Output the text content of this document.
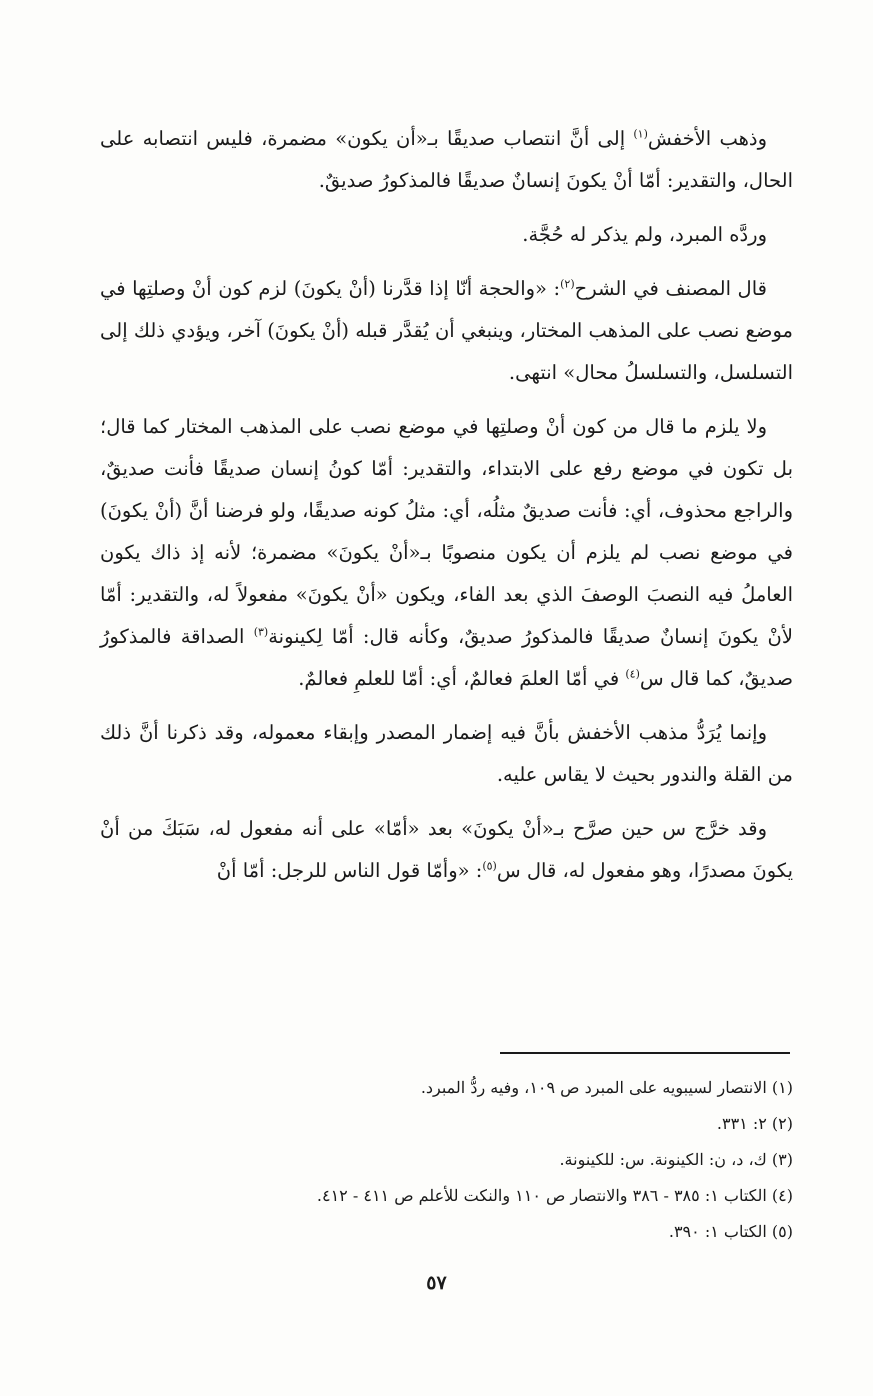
وذهب الأخفش$^{(١)}$ إلى أنَّ انتصاب صديقًا بـ«أن يكون» مضمرة، فليس انتصابه على الحال، والتقدير: أمّا أنْ يكونَ إنسانٌ صديقًا فالمذكورُ صديقٌ.

وردَّه المبرد، ولم يذكر له حُجَّة.

قال المصنف في الشرح$^{(٢)}$: «والحجة أنّا إذا قدَّرنا (أنْ يكونَ) لزم كون أنْ وصلتِها في موضع نصب على المذهب المختار، وينبغي أن يُقدَّر قبله (أنْ يكونَ) آخر، ويؤدي ذلك إلى التسلسل، والتسلسلُ محال» انتهى.

ولا يلزم ما قال من كون أنْ وصلتِها في موضع نصب على المذهب المختار كما قال؛ بل تكون في موضع رفع على الابتداء، والتقدير: أمّا كونُ إنسان صديقًا فأنت صديقٌ، والراجع محذوف، أي: فأنت صديقٌ مثلُه، أي: مثلُ كونه صديقًا، ولو فرضنا أنَّ (أنْ يكونَ) في موضع نصب لم يلزم أن يكون منصوبًا بـ«أنْ يكونَ» مضمرة؛ لأنه إذ ذاك يكون العاملُ فيه النصبَ الوصفَ الذي بعد الفاء، ويكون «أنْ يكونَ» مفعولاً له، والتقدير: أمّا لأنْ يكونَ إنسانٌ صديقًا فالمذكورُ صديقٌ، وكأنه قال: أمّا لِكينونة$^{(٣)}$ الصداقة فالمذكورُ صديقٌ، كما قال س$^{(٤)}$ في أمّا العلمَ فعالمٌ، أي: أمّا للعلمِ فعالمٌ.

وإنما يُرَدُّ مذهب الأخفش بأنَّ فيه إضمار المصدر وإبقاء معموله، وقد ذكرنا أنَّ ذلك من القلة والندور بحيث لا يقاس عليه.

وقد خرَّج س حين صرَّح بـ«أنْ يكونَ» بعد «أمّا» على أنه مفعول له، سَبَكَ من أنْ يكونَ مصدرًا، وهو مفعول له، قال س$^{(٥)}$: «وأمّا قول الناس للرجل: أمّا أنْ

(١) الانتصار لسيبويه على المبرد ص ١٠٩، وفيه ردُّ المبرد.

(٢) ٢: ٣٣١.

(٣) ك، د، ن: الكينونة. س: للكينونة.

(٤) الكتاب ١: ٣٨٥ - ٣٨٦ والانتصار ص ١١٠ والنكت للأعلم ص ٤١١ - ٤١٢.

(٥) الكتاب ١: ٣٩٠.

٥٧
